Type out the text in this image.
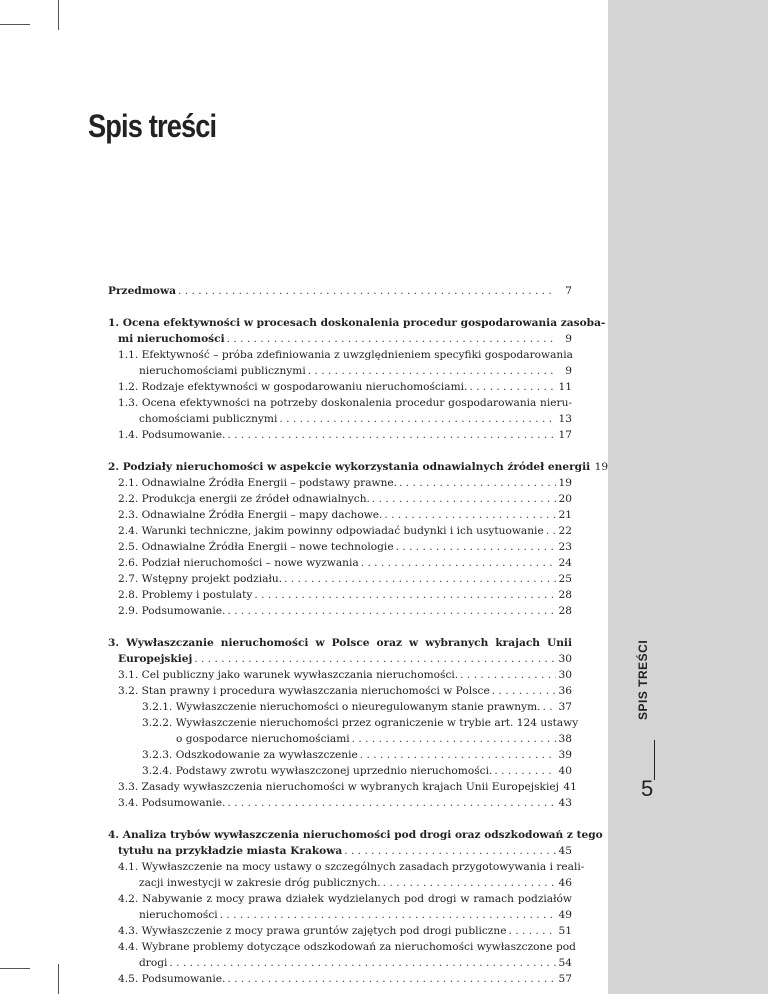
SPIS TREŚCI
5
Spis treści
Przedmowa . . .	7
1. Ocena efektywności w procesach doskonalenia procedur gospodarowania zasoba-
mi nieruchomości . . .	9
1.1. Efektywność – próba zdefiniowania z uwzględnieniem specyfiki gospodarowania
nieruchomościami publicznymi . . .	9
1.2. Rodzaje efektywności w gospodarowaniu nieruchomościami. . . .	11
1.3. Ocena efektywności na potrzeby doskonalenia procedur gospodarowania nieru-
chomościami publicznymi . . .	13
1.4. Podsumowanie. . . .	17
2. Podziały nieruchomości w aspekcie wykorzystania odnawialnych źródeł energii 19
2.1. Odnawialne Źródła Energii – podstawy prawne. . . .	19
2.2. Produkcja energii ze źródeł odnawialnych. . . .	20
2.3. Odnawialne Źródła Energii – mapy dachowe. . . .	21
2.4. Warunki techniczne, jakim powinny odpowiadać budynki i ich usytuowanie . . . 22
2.5. Odnawialne Źródła Energii – nowe technologie . . .	23
2.6. Podział nieruchomości – nowe wyzwania . . .	24
2.7. Wstępny projekt podziału. . . .	25
2.8. Problemy i postulaty . . .	28
2.9. Podsumowanie. . . .	28
3. Wywłaszczanie nieruchomości w Polsce oraz w wybranych krajach Unii
Europejskiej . . .	30
3.1. Cel publiczny jako warunek wywłaszczania nieruchomości. . . .	30
3.2. Stan prawny i procedura wywłaszczania nieruchomości w Polsce . . .	36
3.2.1. Wywłaszczenie nieruchomości o nieuregulowanym stanie prawnym. . . . 37
3.2.2. Wywłaszczenie nieruchomości przez ograniczenie w trybie art. 124 ustawy
o gospodarce nieruchomościami . . .	38
3.2.3. Odszkodowanie za wywłaszczenie . . .	39
3.2.4. Podstawy zwrotu wywłaszczonej uprzednio nieruchomości. . . .	40
3.3. Zasady wywłaszczenia nieruchomości w wybranych krajach Unii Europejskiej 41
3.4. Podsumowanie. . . .	43
4. Analiza trybów wywłaszczenia nieruchomości pod drogi oraz odszkodowań z tego
tytułu na przykładzie miasta Krakowa . . .	45
4.1. Wywłaszczenie na mocy ustawy o szczególnych zasadach przygotowywania i reali-
zacji inwestycji w zakresie dróg publicznych. . . .	46
4.2. Nabywanie z mocy prawa działek wydzielanych pod drogi w ramach podziałów
nieruchomości . . .	49
4.3. Wywłaszczenie z mocy prawa gruntów zajętych pod drogi publiczne . . .	51
4.4. Wybrane problemy dotyczące odszkodowań za nieruchomości wywłaszczone pod
drogi . . .	54
4.5. Podsumowanie. . . .	57
